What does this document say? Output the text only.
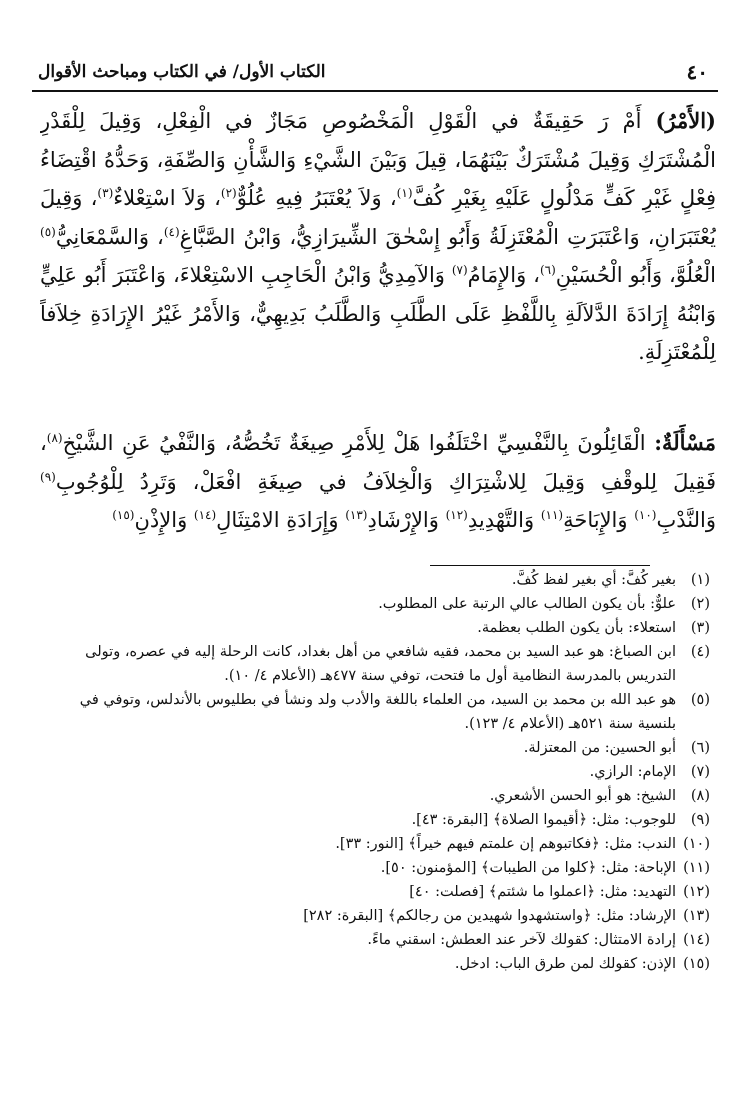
٤٠
الكتاب الأول/ في الكتاب ومباحث الأقوال

(الأَمْرُ) أَمْ رَ حَقِيقَةٌ في الْقَوْلِ الْمَخْصُوصِ مَجَازٌ في الْفِعْلِ، وَقِيلَ لِلْقَدْرِ الْمُشْتَرَكِ وَقِيلَ مُشْتَرَكٌ بَيْنَهُمَا، قِيلَ وَبَيْنَ الشَّيْءِ وَالشَّأْنِ وَالصِّفَةِ، وَحَدُّهُ اقْتِضَاءُ فِعْلٍ غَيْرِ كَفٍّ مَدْلُولٍ عَلَيْهِ بِغَيْرِ كُفَّ$^{(١)}$، وَلاَ يُعْتَبَرُ فِيهِ عُلُوٌّ$^{(٢)}$، وَلاَ اسْتِعْلاءٌ$^{(٣)}$، وَقِيلَ يُعْتَبَرَانِ، وَاعْتَبَرَتِ الْمُعْتَزِلَةُ وَأَبُو إِسْحٰقَ الشِّيرَازِيُّ، وَابْنُ الصَّبَّاغِ$^{(٤)}$، وَالسَّمْعَانِيُّ$^{(٥)}$ الْعُلُوَّ، وَأَبُو الْحُسَيْنِ$^{(٦)}$، وَالإِمَامُ$^{(٧)}$ وَالآمِدِيُّ وَابْنُ الْحَاجِبِ الاسْتِعْلاءَ، وَاعْتَبَرَ أَبُو عَلِيٍّ وَابْنُهُ إِرَادَةَ الدَّلاَلَةِ بِاللَّفْظِ عَلَى الطَّلَبِ وَالطَّلَبُ بَدِيهِيٌّ، وَالأَمْرُ غَيْرُ الإِرَادَةِ خِلاَفاً لِلْمُعْتَزِلَةِ.

مَسْأَلَةٌ: الْقَائِلُونَ بِالنَّفْسِيِّ اخْتَلَفُوا هَلْ لِلأَمْرِ صِيغَةٌ تَخُصُّهُ، وَالنَّفْيُ عَنِ الشَّيْخِ$^{(٨)}$، فَقِيلَ لِلوقْفِ وَقِيلَ لِلاشْتِرَاكِ وَالْخِلاَفُ في صِيغَةِ افْعَلْ، وَتَرِدُ لِلْوُجُوبِ$^{(٩)}$ وَالنَّدْبِ$^{(١٠)}$ وَالإِبَاحَةِ$^{(١١)}$ وَالتَّهْدِيدِ$^{(١٢)}$ وَالإِرْشَادِ$^{(١٣)}$ وَإِرَادَةِ الامْتِثَالِ$^{(١٤)}$ وَالإِذْنِ$^{(١٥)}$

(١)
بغير كُفَّ: أي بغير لفظ كُفَّ.
(٢)
علوٌّ: بأن يكون الطالب عالي الرتبة على المطلوب.
(٣)
استعلاء: بأن يكون الطلب بعظمة.
(٤)
ابن الصباغ: هو عبد السيد بن محمد، فقيه شافعي من أهل بغداد، كانت الرحلة إليه في عصره، وتولى التدريس بالمدرسة النظامية أول ما فتحت، توفي سنة ٤٧٧هـ (الأعلام ٤/ ١٠).
(٥)
هو عبد الله بن محمد بن السيد، من العلماء باللغة والأدب ولد ونشأ في بطليوس بالأندلس، وتوفي في بلنسية سنة ٥٢١هـ (الأعلام ٤/ ١٢٣).
(٦)
أبو الحسين: من المعتزلة.
(٧)
الإمام: الرازي.
(٨)
الشيخ: هو أبو الحسن الأشعري.
(٩)
للوجوب: مثل: ﴿أقيموا الصلاة﴾ [البقرة: ٤٣].
(١٠)
الندب: مثل: ﴿فكاتبوهم إن علمتم فيهم خيراً﴾ [النور: ٣٣].
(١١)
الإباحة: مثل: ﴿كلوا من الطيبات﴾ [المؤمنون: ٥٠].
(١٢)
التهديد: مثل: ﴿اعملوا ما شئتم﴾ [فصلت: ٤٠]
(١٣)
الإرشاد: مثل: ﴿واستشهدوا شهيدين من رجالكم﴾ [البقرة: ٢٨٢]
(١٤)
إرادة الامتثال: كقولك لآخر عند العطش: اسقني ماءً.
(١٥)
الإذن: كقولك لمن طرق الباب: ادخل.
